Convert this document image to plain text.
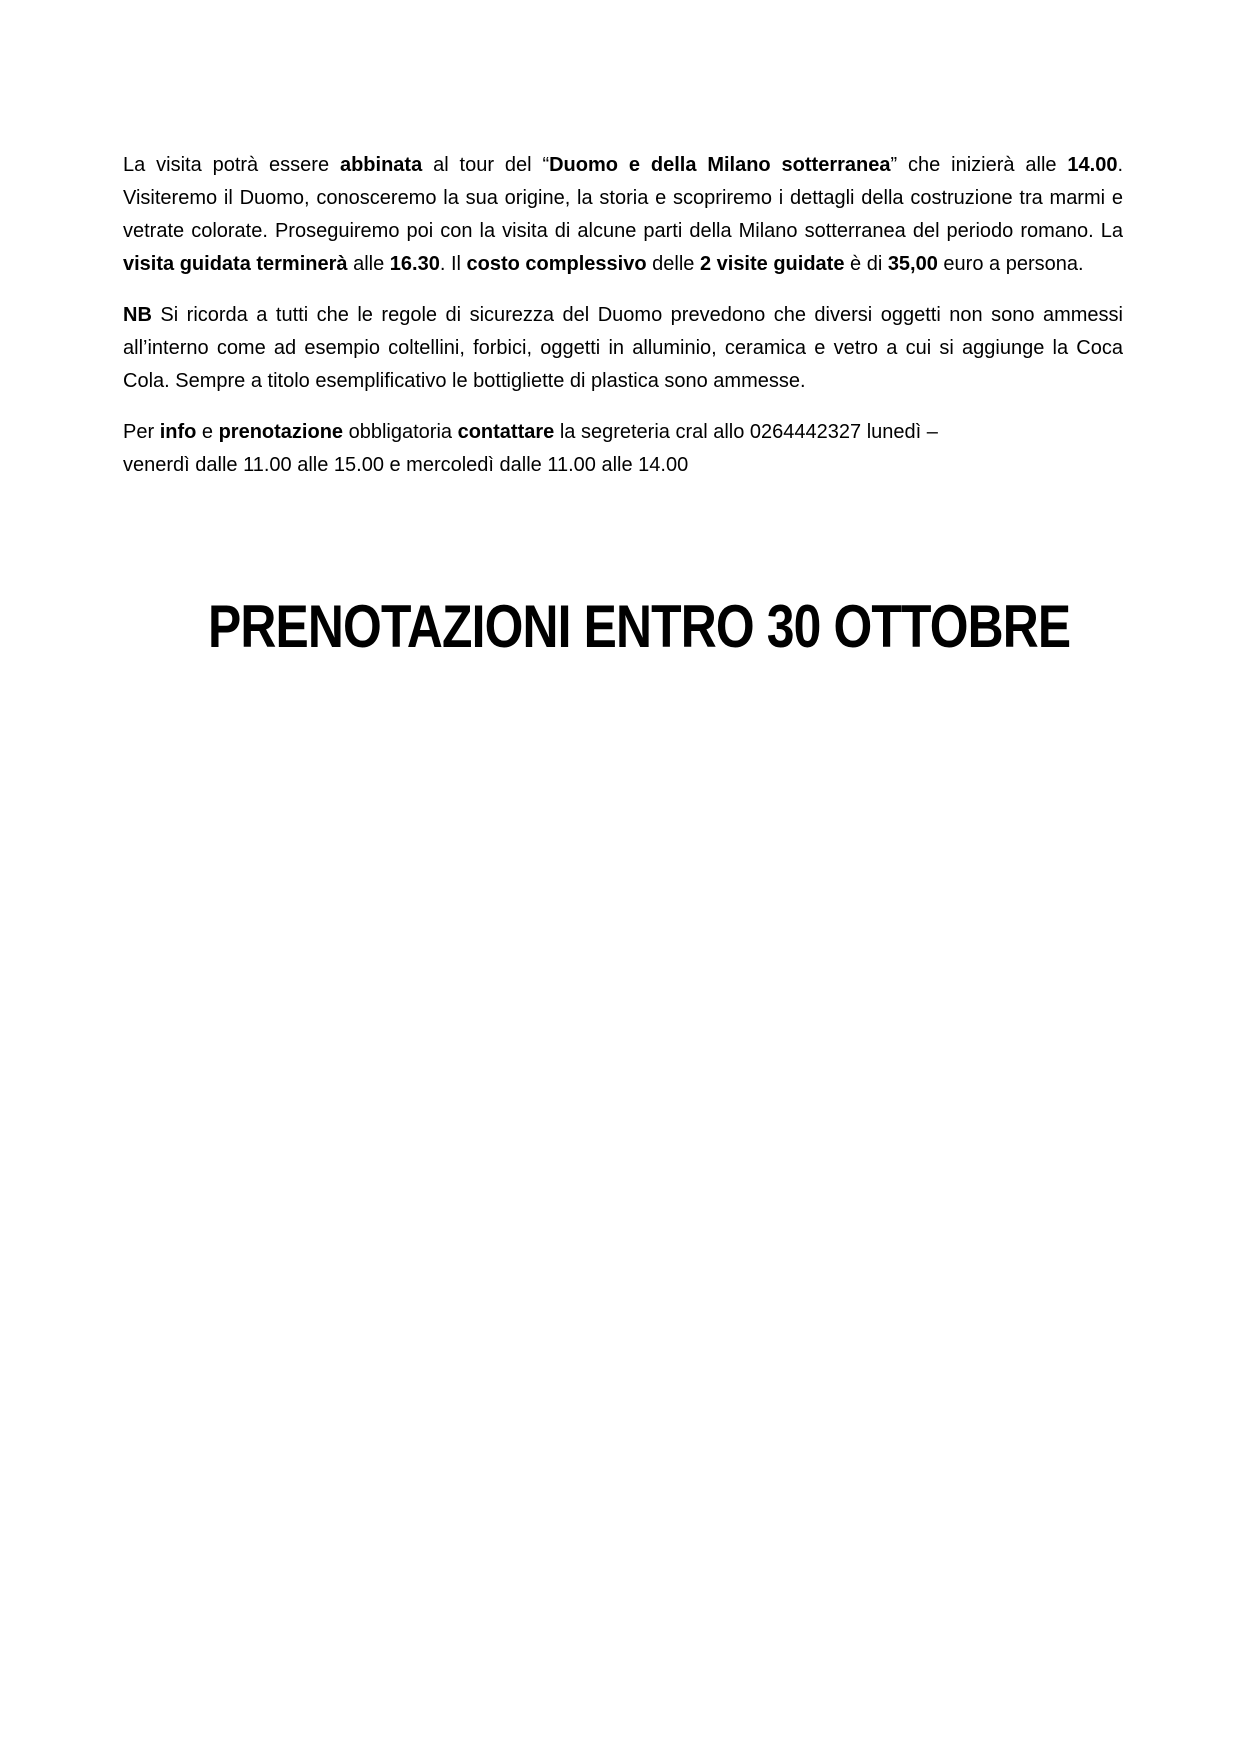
La visita potrà essere abbinata al tour del “Duomo e della Milano sotterranea” che inizierà alle 14.00. Visiteremo il Duomo, conosceremo la sua origine, la storia e scopriremo i dettagli della costruzione tra marmi e vetrate colorate. Proseguiremo poi con la visita di alcune parti della Milano sotterranea del periodo romano. La visita guidata terminerà alle 16.30. Il costo complessivo delle 2 visite guidate è di 35,00 euro a persona.

NB Si ricorda a tutti che le regole di sicurezza del Duomo prevedono che diversi oggetti non sono ammessi all’interno come ad esempio coltellini, forbici, oggetti in alluminio, ceramica e vetro a cui si aggiunge la Coca Cola. Sempre a titolo esemplificativo le bottigliette di plastica sono ammesse.

Per info e prenotazione obbligatoria contattare la segreteria cral allo 0264442327 lunedì –
venerdì dalle 11.00 alle 15.00 e mercoledì dalle 11.00 alle 14.00

PRENOTAZIONI ENTRO 30 OTTOBRE
